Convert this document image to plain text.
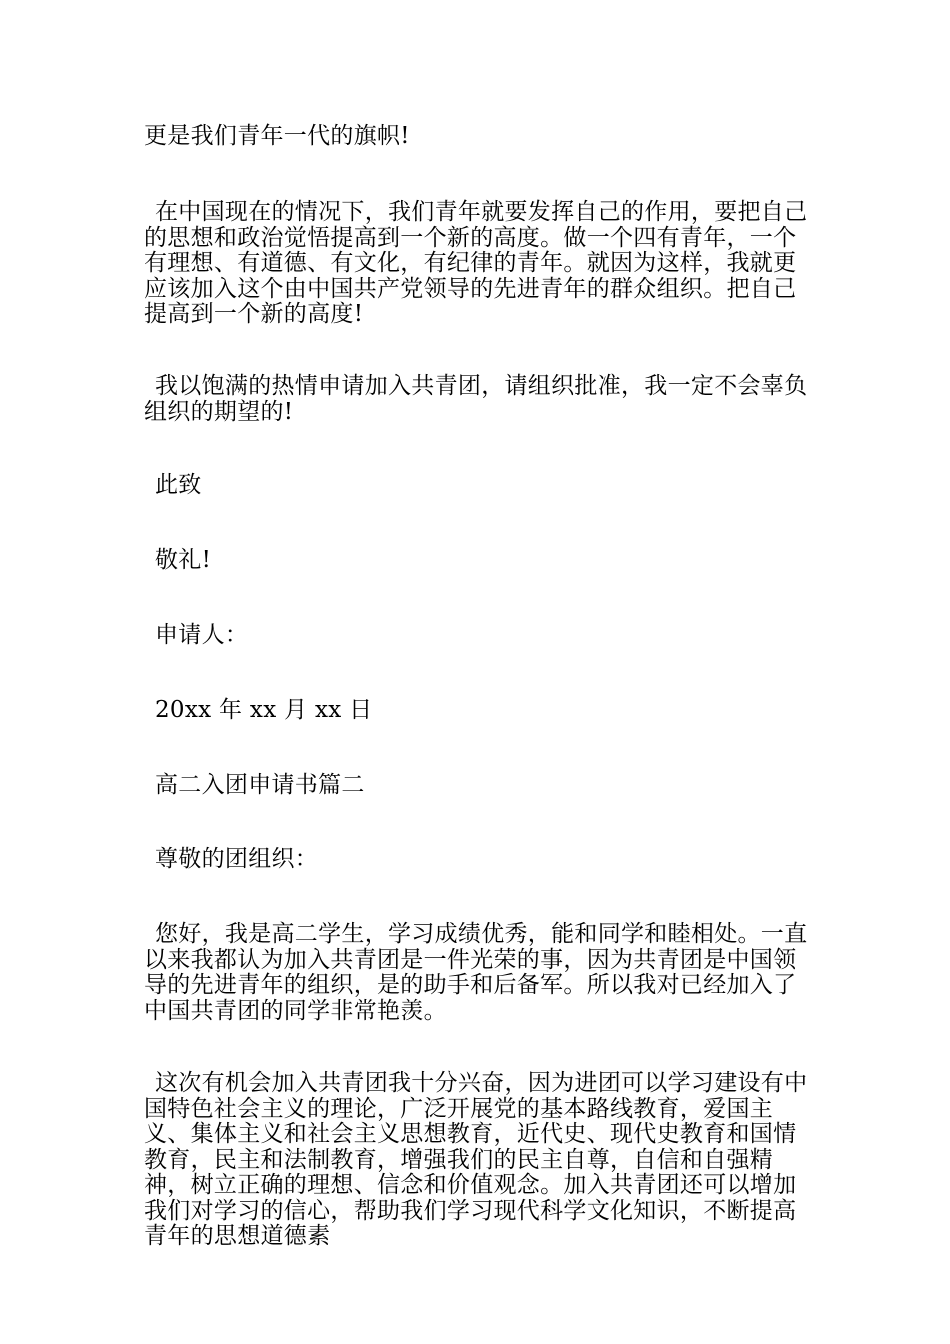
更是我们青年一代的旗帜!

在中国现在的情况下，我们青年就要发挥自己的作用，要把自己的思想和政治觉悟提高到一个新的高度。做一个四有青年，一个有理想、有道德、有文化，有纪律的青年。就因为这样，我就更应该加入这个由中国共产党领导的先进青年的群众组织。把自己提高到一个新的高度!

我以饱满的热情申请加入共青团，请组织批准，我一定不会辜负组织的期望的!

此致

敬礼!

申请人：

20xx 年 xx 月 xx 日

高二入团申请书篇二

尊敬的团组织：

您好，我是高二学生，学习成绩优秀，能和同学和睦相处。一直以来我都认为加入共青团是一件光荣的事，因为共青团是中国领导的先进青年的组织，是的助手和后备军。所以我对已经加入了中国共青团的同学非常艳羡。

这次有机会加入共青团我十分兴奋，因为进团可以学习建设有中国特色社会主义的理论，广泛开展党的基本路线教育，爱国主义、集体主义和社会主义思想教育，近代史、现代史教育和国情教育，民主和法制教育，增强我们的民主自尊，自信和自强精神，树立正确的理想、信念和价值观念。加入共青团还可以增加我们对学习的信心，帮助我们学习现代科学文化知识，不断提高青年的思想道德素
